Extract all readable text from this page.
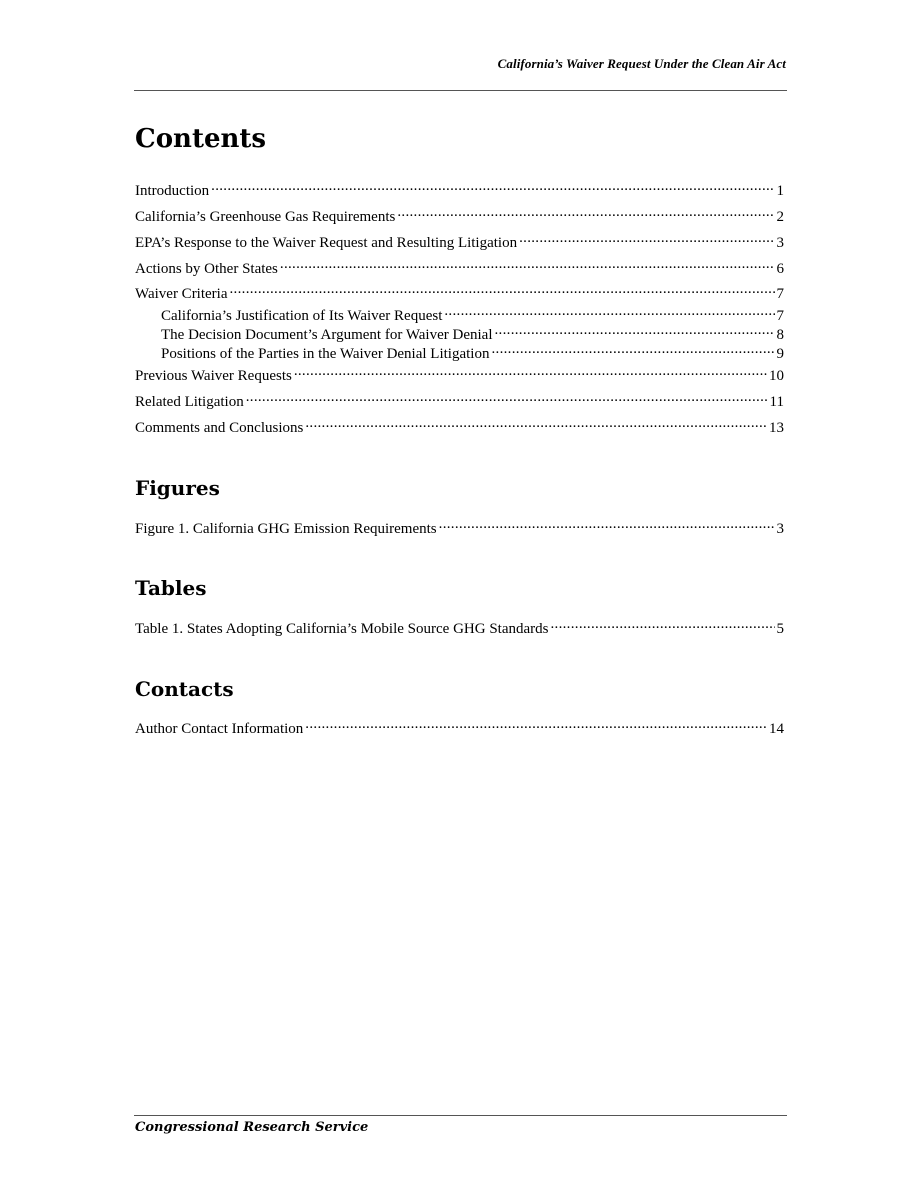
California’s Waiver Request Under the Clean Air Act
Contents
Introduction .....	1
California’s Greenhouse Gas Requirements .....	2
EPA’s Response to the Waiver Request and Resulting Litigation .....	3
Actions by Other States .....	6
Waiver Criteria .....	7
California’s Justification of Its Waiver Request .....	7
The Decision Document’s Argument for Waiver Denial .....	8
Positions of the Parties in the Waiver Denial Litigation .....	9
Previous Waiver Requests .....	10
Related Litigation .....	11
Comments and Conclusions .....	13
Figures
Figure 1. California GHG Emission Requirements .....	3
Tables
Table 1. States Adopting California’s Mobile Source GHG Standards .....	5
Contacts
Author Contact Information .....	14
Congressional Research Service
